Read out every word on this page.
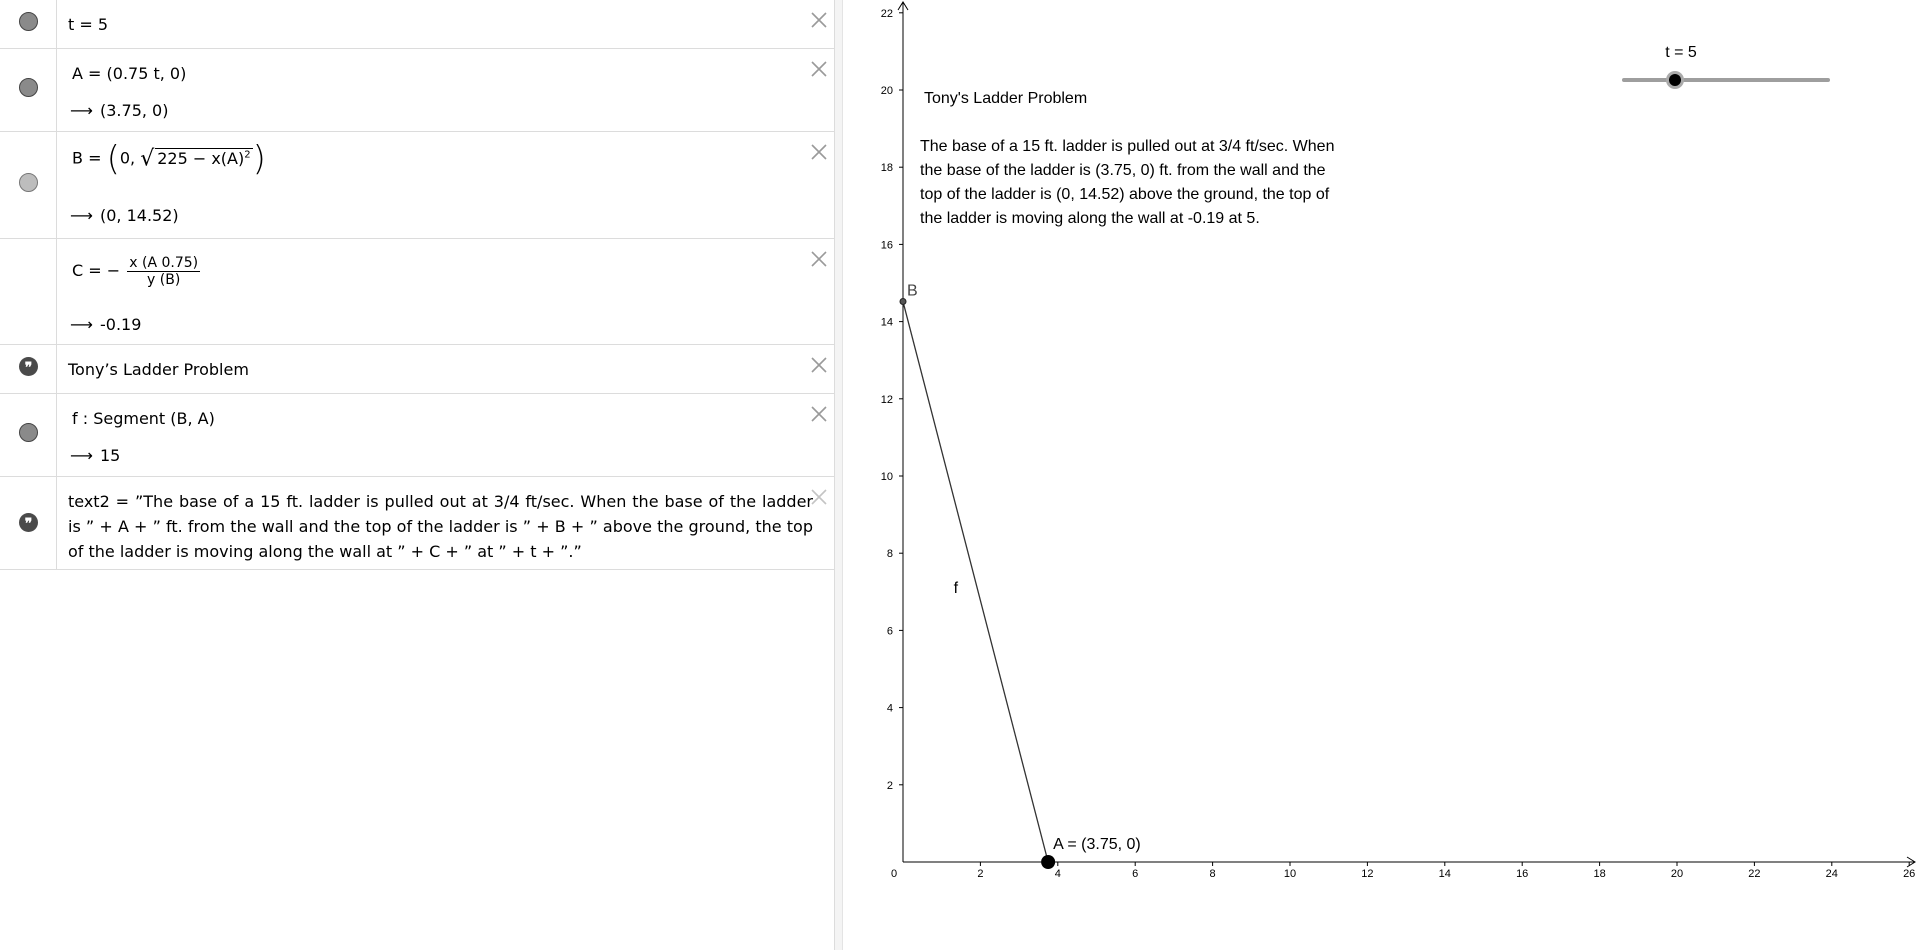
t = 5
A = (0.75 t, 0)
⟶ (3.75, 0)
B = (0, √ $225 - x(A)^2$)
⟶ (0, 14.52)
C = − $\frac{x (A 0.75)}{y (B)}$
⟶ -0.19
❞	Tony’s Ladder Problem
f : Segment (B, A)
⟶ 15
❞
text2 = ”The base of a 15 ft. ladder is pulled out at 3/4 ft/sec. When the base of the ladder is ” + A + ” ft. from the wall and the top of the ladder is ” + B + ” above the ground, the top of the ladder is moving along the wall at ” + C + ” at ” + t + ”.”
0	2	4	6	8	10	12	14	16	18	20	22	24	26
2
4
6
8
10
12
14
16
18
20
22
f
B
A = (3.75, 0)
t = 5
Tony's Ladder Problem
The base of a 15 ft. ladder is pulled out at 3/4 ft/sec. When the base of the ladder is (3.75, 0) ft. from the wall and the top of the ladder is (0, 14.52) above the ground, the top of the ladder is moving along the wall at -0.19 at 5.
